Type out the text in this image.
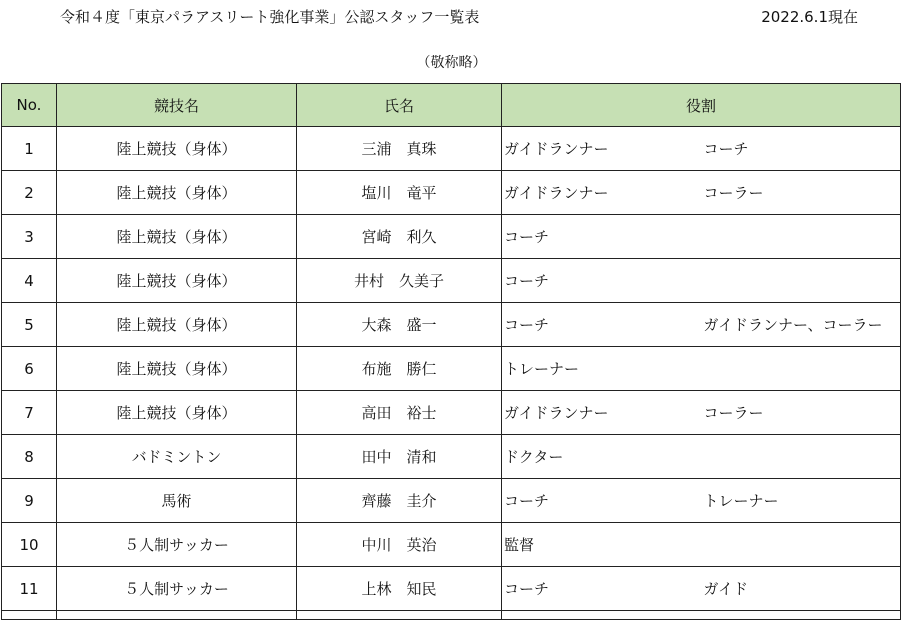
令和４度「東京パラアスリート強化事業」公認スタッフ一覧表	2022.6.1現在
（敬称略）
No.	競技名	氏名	役割	
1	陸上競技（身体）	三浦　真珠	ガイドランナー	コーチ
2	陸上競技（身体）	塩川　竜平	ガイドランナー	コーラー
3	陸上競技（身体）	宮崎　利久	コーチ	
4	陸上競技（身体）	井村　久美子	コーチ	
5	陸上競技（身体）	大森　盛一	コーチ	ガイドランナー、コーラー
6	陸上競技（身体）	布施　勝仁	トレーナー	
7	陸上競技（身体）	高田　裕士	ガイドランナー	コーラー
8	バドミントン	田中　清和	ドクター	
9	馬術	齊藤　圭介	コーチ	トレーナー
10	５人制サッカー	中川　英治	監督	
11	５人制サッカー	上林　知民	コーチ	ガイド
